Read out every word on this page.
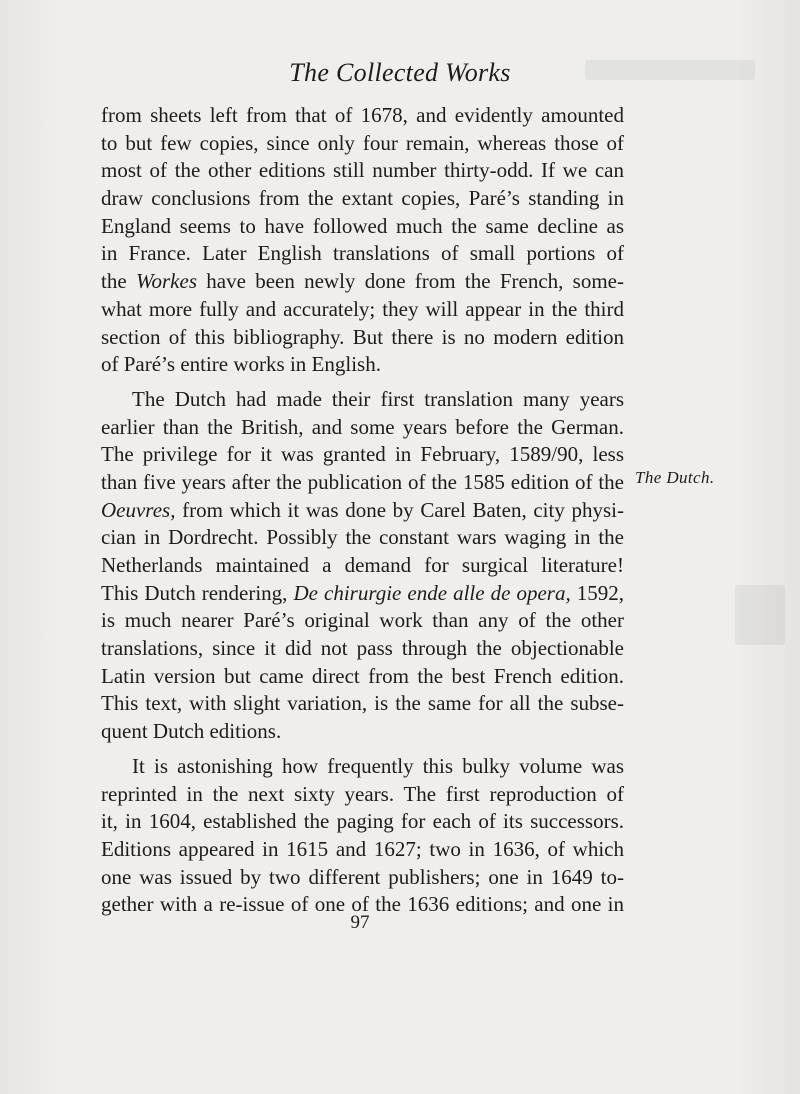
The Collected Works
from sheets left from that of 1678, and evidently amounted
to but few copies, since only four remain, whereas those of
most of the other editions still number thirty-odd. If we can
draw conclusions from the extant copies, Paré’s standing in
England seems to have followed much the same decline as
in France. Later English translations of small portions of
the Workes have been newly done from the French, some-
what more fully and accurately; they will appear in the third
section of this bibliography. But there is no modern edition
of Paré’s entire works in English.
The Dutch had made their first translation many years
earlier than the British, and some years before the German.
The privilege for it was granted in February, 1589/90, less
than five years after the publication of the 1585 edition of the
Oeuvres, from which it was done by Carel Baten, city physi-
cian in Dordrecht. Possibly the constant wars waging in the
Netherlands maintained a demand for surgical literature!
This Dutch rendering, De chirurgie ende alle de opera, 1592,
is much nearer Paré’s original work than any of the other
translations, since it did not pass through the objectionable
Latin version but came direct from the best French edition.
This text, with slight variation, is the same for all the subse-
quent Dutch editions.
It is astonishing how frequently this bulky volume was
reprinted in the next sixty years. The first reproduction of
it, in 1604, established the paging for each of its successors.
Editions appeared in 1615 and 1627; two in 1636, of which
one was issued by two different publishers; one in 1649 to-
gether with a re-issue of one of the 1636 editions; and one in
The Dutch.
97
